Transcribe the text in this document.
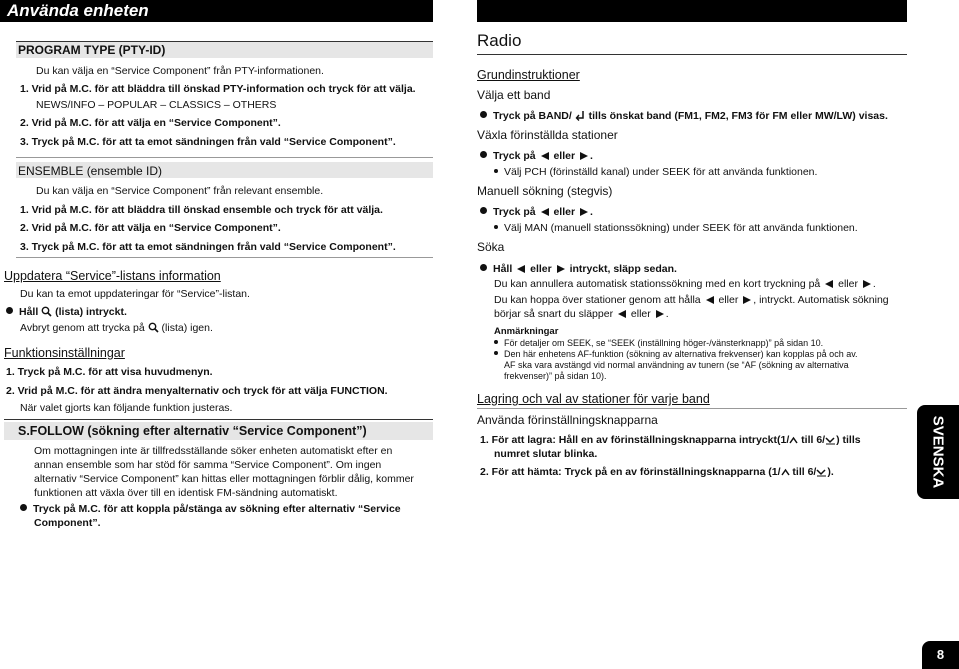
Använda enheten
PROGRAM TYPE (PTY-ID)
Du kan välja en “Service Component” från PTY-informationen.
1. Vrid på M.C. för att bläddra till önskad PTY-information och tryck för att välja.
NEWS/INFO – POPULAR – CLASSICS – OTHERS
2. Vrid på M.C. för att välja en “Service Component”.
3. Tryck på M.C. för att ta emot sändningen från vald “Service Component”.
ENSEMBLE (ensemble ID)
Du kan välja en “Service Component” från relevant ensemble.
1. Vrid på M.C. för att bläddra till önskad ensemble och tryck för att välja.
2. Vrid på M.C. för att välja en “Service Component”.
3. Tryck på M.C. för att ta emot sändningen från vald “Service Component”.
Uppdatera “Service”-listans information
Du kan ta emot uppdateringar för “Service”-listan.
Håll (lista) intryckt.
Avbryt genom att trycka på (lista) igen.
Funktionsinställningar
1. Tryck på M.C. för att visa huvudmenyn.
2. Vrid på M.C. för att ändra menyalternativ och tryck för att välja FUNCTION.
När valet gjorts kan följande funktion justeras.
S.FOLLOW (sökning efter alternativ “Service Component”)
Om mottagningen inte är tillfredsställande söker enheten automatiskt efter en
annan ensemble som har stöd för samma “Service Component”. Om ingen
alternativ “Service Component” kan hittas eller mottagningen förblir dålig, kommer
funktionen att växla över till en identisk FM-sändning automatiskt.
Tryck på M.C. för att koppla på/stänga av sökning efter alternativ “Service
Component”.
Radio
Grundinstruktioner
Välja ett band
Tryck på BAND/ tills önskat band (FM1, FM2, FM3 för FM eller MW/LW) visas.
Växla förinställda stationer
Tryck på eller .
Välj PCH (förinställd kanal) under SEEK för att använda funktionen.
Manuell sökning (stegvis)
Tryck på eller .
Välj MAN (manuell stationssökning) under SEEK för att använda funktionen.
Söka
Håll eller intryckt, släpp sedan.
Du kan annullera automatisk stationssökning med en kort tryckning på eller .
Du kan hoppa över stationer genom att hålla eller , intryckt. Automatisk sökning
börjar så snart du släpper eller .
Anmärkningar
För detaljer om SEEK, se “SEEK (inställning höger-/vänsterknapp)” på sidan 10.
Den här enhetens AF-funktion (sökning av alternativa frekvenser) kan kopplas på och av.
AF ska vara avstängd vid normal användning av tunern (se “AF (sökning av alternativa
frekvenser)” på sidan 10).
Lagring och val av stationer för varje band
Använda förinställningsknapparna
1. För att lagra: Håll en av förinställningsknapparna intryckt(1/ till 6/ ) tills
numret slutar blinka.
2. För att hämta: Tryck på en av förinställningsknapparna (1/ till 6/ ).	SVENSKA
8
